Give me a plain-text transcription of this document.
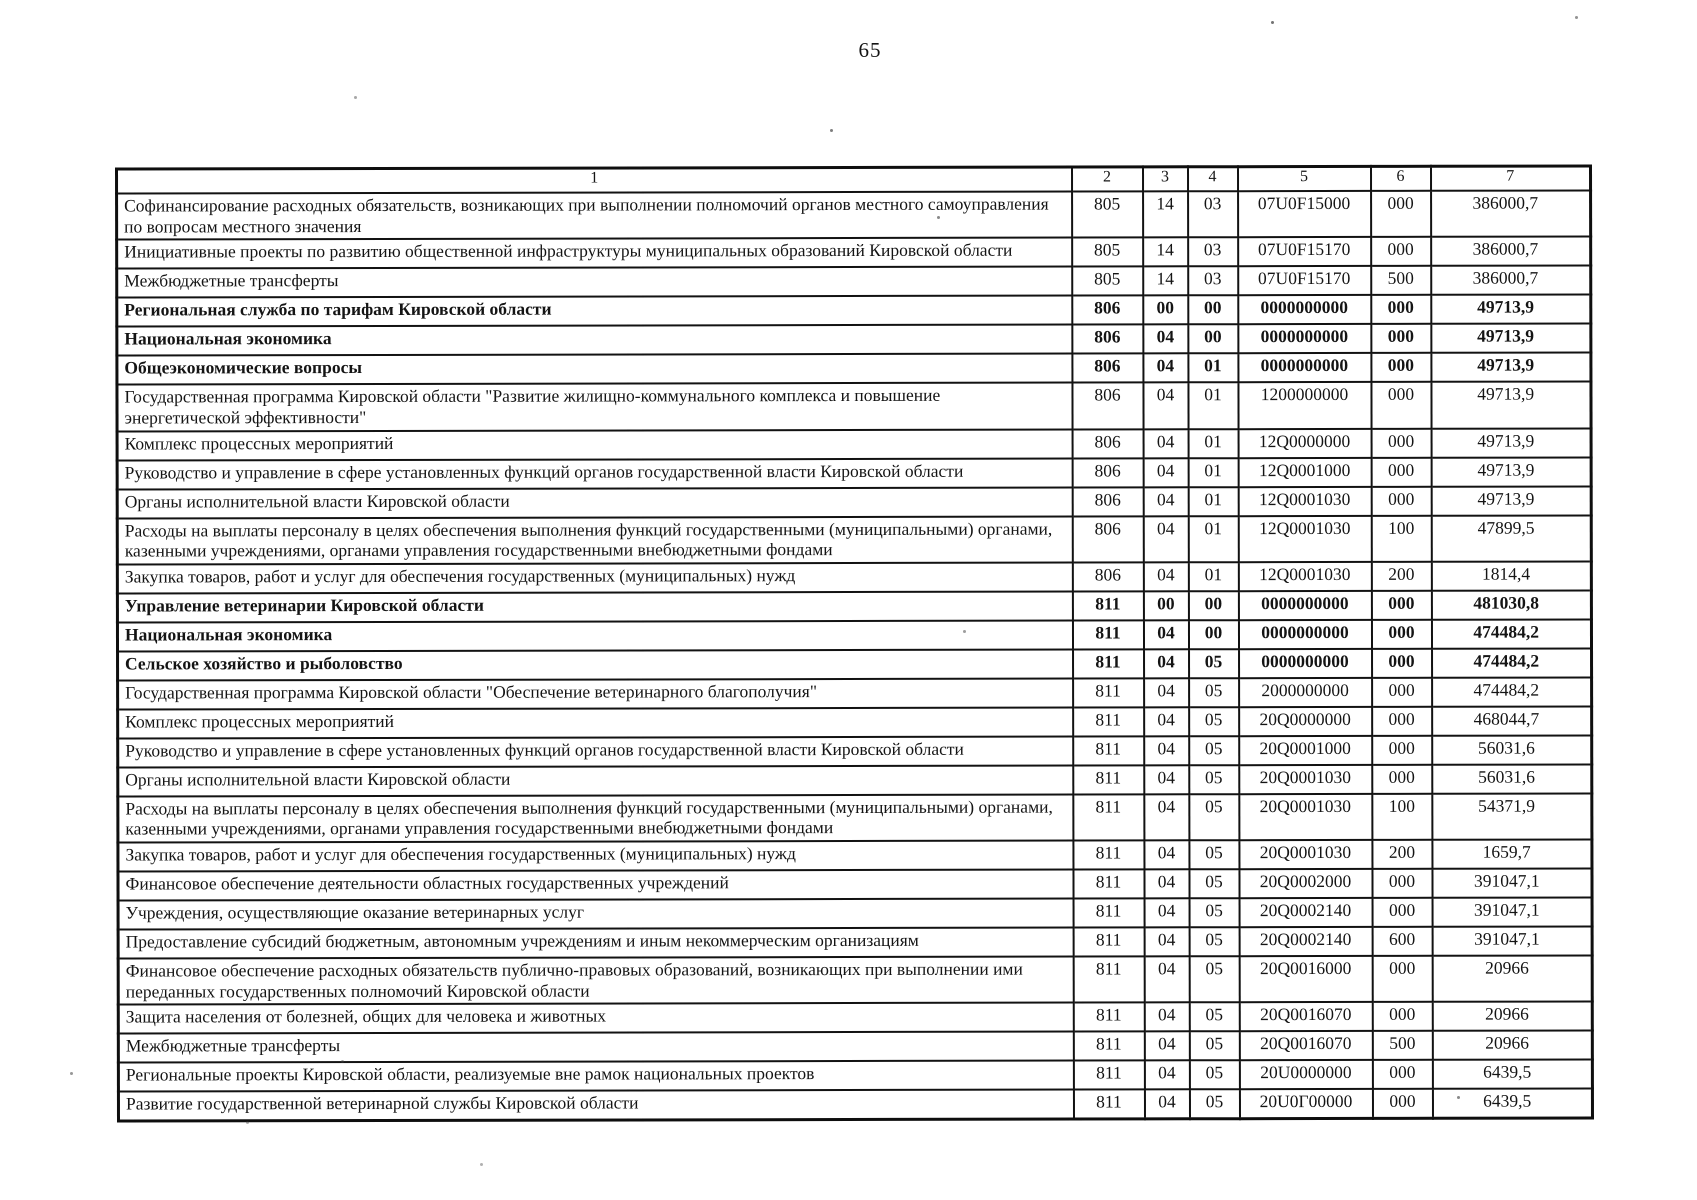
65
1	2	3	4	5	6	7
Софинансирование расходных обязательств, возникающих при выполнении полномочий органов местного самоуправления по вопросам местного значения	805	14	03	07U0F15000	000	386000,7
Инициативные проекты по развитию общественной инфраструктуры муниципальных образований Кировской области	805	14	03	07U0F15170	000	386000,7
Межбюджетные трансферты	805	14	03	07U0F15170	500	386000,7
Региональная служба по тарифам Кировской области	806	00	00	0000000000	000	49713,9
Национальная экономика	806	04	00	0000000000	000	49713,9
Общеэкономические вопросы	806	04	01	0000000000	000	49713,9
Государственная программа Кировской области "Развитие жилищно-коммунального комплекса и повышение энергетической эффективности"	806	04	01	1200000000	000	49713,9
Комплекс процессных мероприятий	806	04	01	12Q0000000	000	49713,9
Руководство и управление в сфере установленных функций органов государственной власти Кировской области	806	04	01	12Q0001000	000	49713,9
Органы исполнительной власти Кировской области	806	04	01	12Q0001030	000	49713,9
Расходы на выплаты персоналу в целях обеспечения выполнения функций государственными (муниципальными) органами, казенными учреждениями, органами управления государственными внебюджетными фондами	806	04	01	12Q0001030	100	47899,5
Закупка товаров, работ и услуг для обеспечения государственных (муниципальных) нужд	806	04	01	12Q0001030	200	1814,4
Управление ветеринарии Кировской области	811	00	00	0000000000	000	481030,8
Национальная экономика	811	04	00	0000000000	000	474484,2
Сельское хозяйство и рыболовство	811	04	05	0000000000	000	474484,2
Государственная программа Кировской области "Обеспечение ветеринарного благополучия"	811	04	05	2000000000	000	474484,2
Комплекс процессных мероприятий	811	04	05	20Q0000000	000	468044,7
Руководство и управление в сфере установленных функций органов государственной власти Кировской области	811	04	05	20Q0001000	000	56031,6
Органы исполнительной власти Кировской области	811	04	05	20Q0001030	000	56031,6
Расходы на выплаты персоналу в целях обеспечения выполнения функций государственными (муниципальными) органами, казенными учреждениями, органами управления государственными внебюджетными фондами	811	04	05	20Q0001030	100	54371,9
Закупка товаров, работ и услуг для обеспечения государственных (муниципальных) нужд	811	04	05	20Q0001030	200	1659,7
Финансовое обеспечение деятельности областных государственных учреждений	811	04	05	20Q0002000	000	391047,1
Учреждения, осуществляющие оказание ветеринарных услуг	811	04	05	20Q0002140	000	391047,1
Предоставление субсидий бюджетным, автономным учреждениям и иным некоммерческим организациям	811	04	05	20Q0002140	600	391047,1
Финансовое обеспечение расходных обязательств публично-правовых образований, возникающих при выполнении ими переданных государственных полномочий Кировской области	811	04	05	20Q0016000	000	20966
Защита населения от болезней, общих для человека и животных	811	04	05	20Q0016070	000	20966
Межбюджетные трансферты	811	04	05	20Q0016070	500	20966
Региональные проекты Кировской области, реализуемые вне рамок национальных проектов	811	04	05	20U0000000	000	6439,5
Развитие государственной ветеринарной службы Кировской области	811	04	05	20U0Г00000	000	6439,5
